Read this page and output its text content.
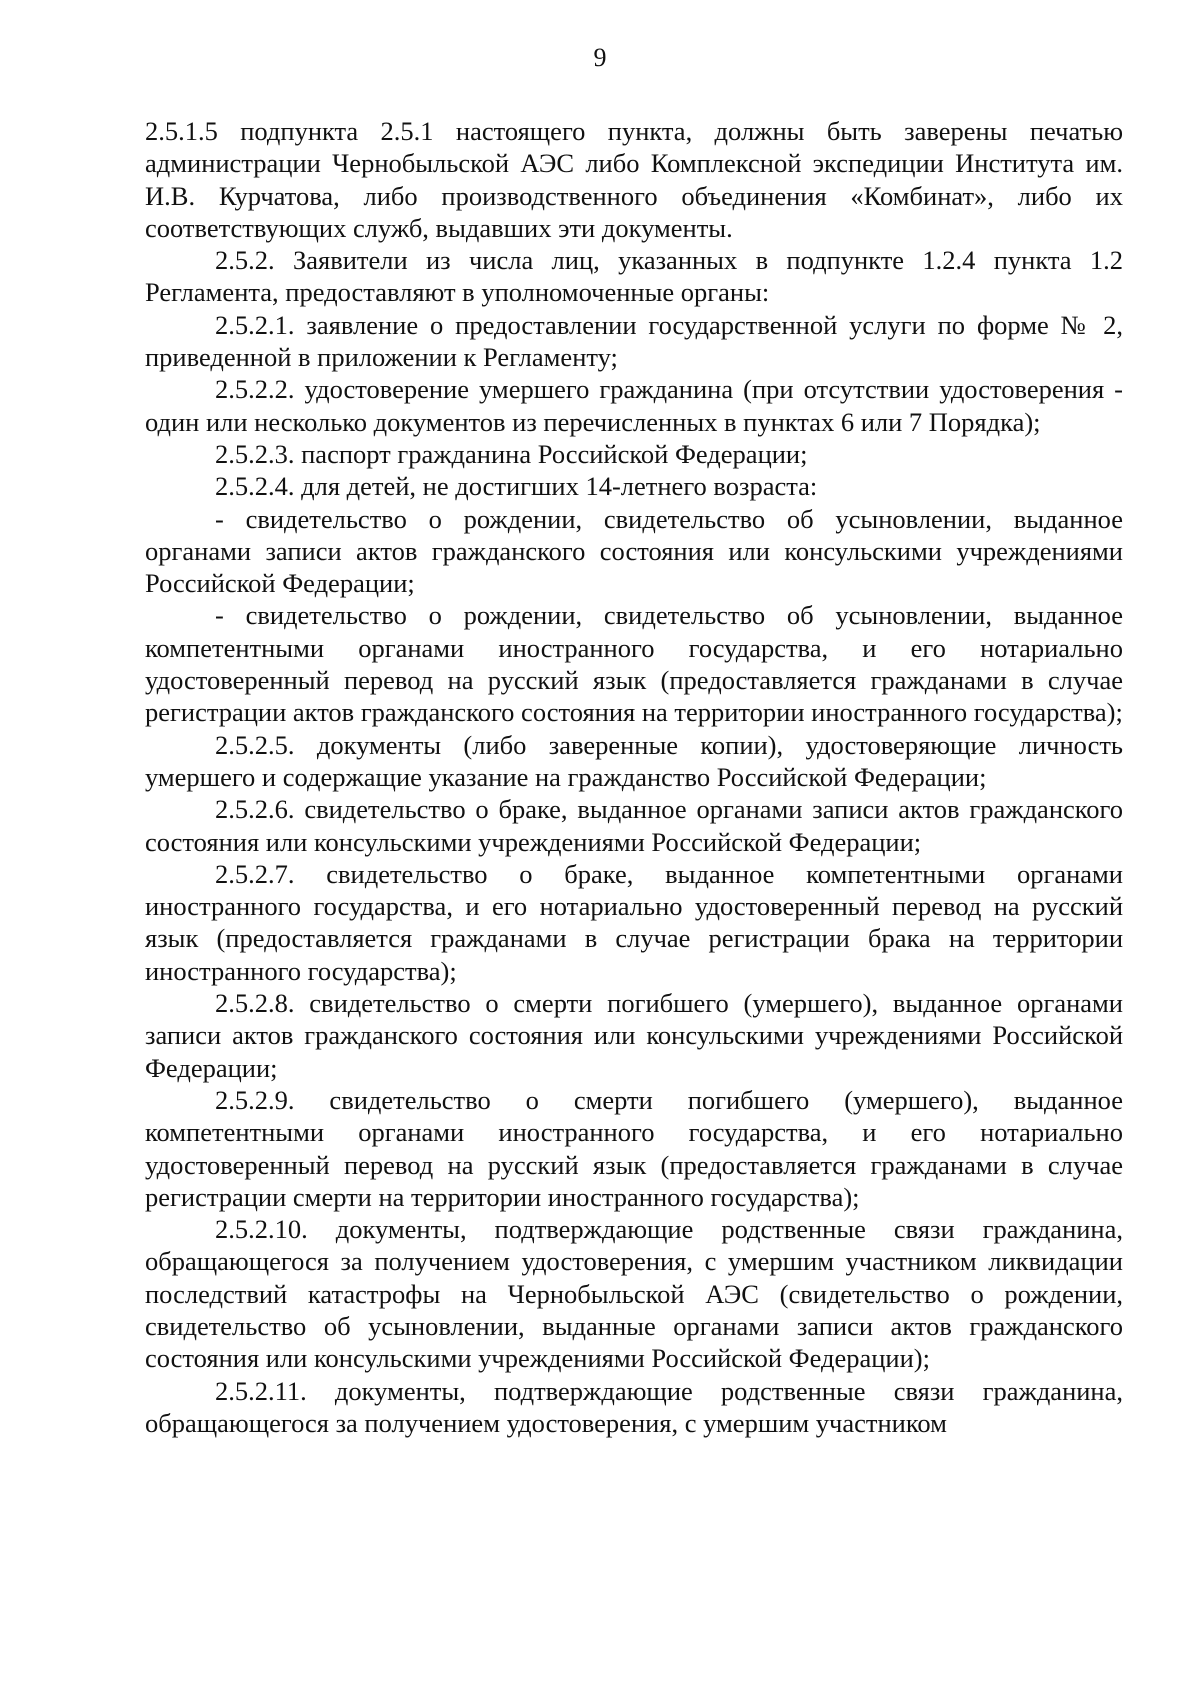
9

2.5.1.5 подпункта 2.5.1 настоящего пункта, должны быть заверены печатью администрации Чернобыльской АЭС либо Комплексной экспедиции Института им. И.В. Курчатова, либо производственного объединения «Комбинат», либо их соответствующих служб, выдавших эти документы.

2.5.2. Заявители из числа лиц, указанных в подпункте 1.2.4 пункта 1.2 Регламента, предоставляют в уполномоченные органы:

2.5.2.1. заявление о предоставлении государственной услуги по форме № 2, приведенной в приложении к Регламенту;

2.5.2.2. удостоверение умершего гражданина (при отсутствии удостоверения - один или несколько документов из перечисленных в пунктах 6 или 7 Порядка);

2.5.2.3. паспорт гражданина Российской Федерации;

2.5.2.4. для детей, не достигших 14-летнего возраста:

- свидетельство о рождении, свидетельство об усыновлении, выданное органами записи актов гражданского состояния или консульскими учреждениями Российской Федерации;

- свидетельство о рождении, свидетельство об усыновлении, выданное компетентными органами иностранного государства, и его нотариально удостоверенный перевод на русский язык (предоставляется гражданами в случае регистрации актов гражданского состояния на территории иностранного государства);

2.5.2.5. документы (либо заверенные копии), удостоверяющие личность умершего и содержащие указание на гражданство Российской Федерации;

2.5.2.6. свидетельство о браке, выданное органами записи актов гражданского состояния или консульскими учреждениями Российской Федерации;

2.5.2.7. свидетельство о браке, выданное компетентными органами иностранного государства, и его нотариально удостоверенный перевод на русский язык (предоставляется гражданами в случае регистрации брака на территории иностранного государства);

2.5.2.8. свидетельство о смерти погибшего (умершего), выданное органами записи актов гражданского состояния или консульскими учреждениями Российской Федерации;

2.5.2.9. свидетельство о смерти погибшего (умершего), выданное компетентными органами иностранного государства, и его нотариально удостоверенный перевод на русский язык (предоставляется гражданами в случае регистрации смерти на территории иностранного государства);

2.5.2.10. документы, подтверждающие родственные связи гражданина, обращающегося за получением удостоверения, с умершим участником ликвидации последствий катастрофы на Чернобыльской АЭС (свидетельство о рождении, свидетельство об усыновлении, выданные органами записи актов гражданского состояния или консульскими учреждениями Российской Федерации);

2.5.2.11. документы, подтверждающие родственные связи гражданина, обращающегося за получением удостоверения, с умершим участником
